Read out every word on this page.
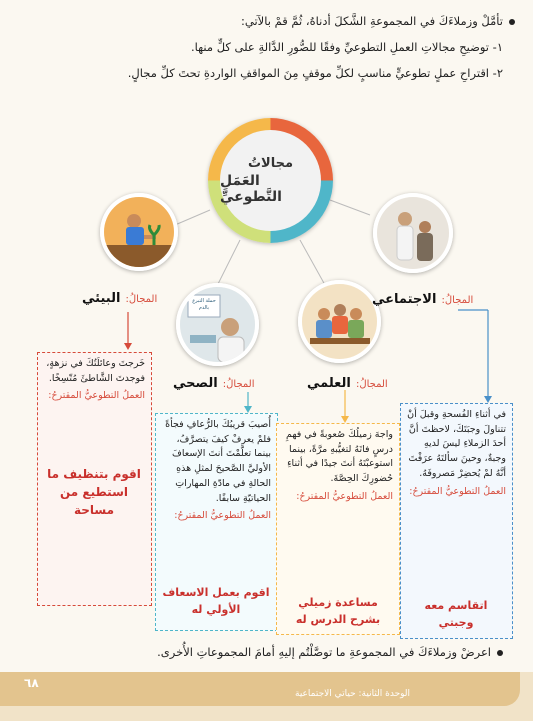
تأمَّلْ وزملاءَكَ في المجموعةِ الشَّكلَ أدناهُ، ثُمَّ قمْ بالآتي:
١- توضيحِ مجالاتِ العملِ التطوعيِّ وفقًا للصُّورِ الدَّالةِ على كلٍّ منها.
٢- اقتراحِ عملٍ تطوعيٍّ مناسبٍ لكلِّ موقفٍ مِنَ المواقفِ الواردةِ تحتَ كلِّ مجالٍ.
مجالاتُ
العَمَلِ التَّطوعيِّ
حملة التبرع بالدم
المجالُ: البيئي
المجالُ: الصحي	المجالُ: العلمي
المجالُ: الاجتماعي
خَرجتَ وعائلَتُكَ في نزهةٍ، فوجدتَ الشَّاطئَ مُتّسِخًا.
العملُ التطوعيُّ المقترحُ:
أُصيبَ قريبُكَ بالرُّعافِ فجأةً فلمْ يعرفْ كيفَ يتصرَّفُ، بينما تعلَّمْتَ أنتَ الإسعافَ الأوليَّ الصَّحيحَ لمثلِ هذهِ الحالةِ في مادّةِ المهاراتِ الحياتيّةِ سابقًا.
العملُ التطوعيُّ المقترحُ:
واجهَ زميلُكَ صُعوبةً في فهمِ درسٍ فاتَهُ لتغيُّبهِ مرَّةً، بينما استوعبْتَهُ أنتَ جيدًا في أثناءِ حُضورِكَ الحِصَّةَ.
العملُ التطوعيُّ المقترحُ:
في أثناءِ الفُسحةِ وقبلَ أنْ تتناولَ وجبَتَكَ، لاحظتَ أنَّ أحدَ الزملاءِ ليسَ لديهِ وجبةٌ، وحينَ سألتَهُ عرَفْتَ أنَّهُ لمْ يُحضِرْ مَصروفَهُ.
العملُ التطوعيُّ المقترحُ:
اقوم بتنظيف ما استطيع من مساحة
اقوم بعمل الاسعاف الأولي له	مساعدة زميلي بشرح الدرس له
اتقاسم معه وجبتي
اعرضْ وزملاءَكَ في المجموعةِ ما توصَّلْتُم إليهِ أمامَ المجموعاتِ الأُخرى.
٦٨
الوحدة الثانية: حياتي الاجتماعية
